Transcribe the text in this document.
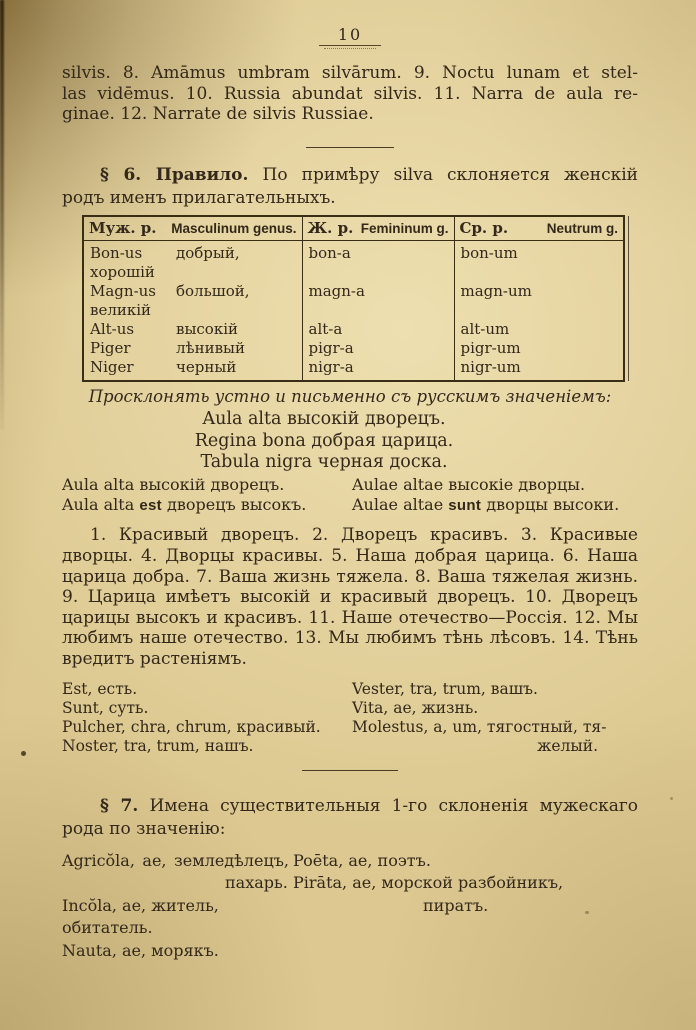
10
silvis. 8. Amāmus umbram silvārum. 9. Noctu lunam et stel-
las vidēmus. 10. Russia abundat silvis. 11. Narra de aula re-
ginae. 12. Narrate de silvis Russiae.
§ 6. Правило. По примѣру silva склоняется женскій
родъ именъ прилагательныхъ.
Муж. р. Masculinum genus.	Ж. р. Femininum g.	Ср. р. Neutrum g.

Bon-us добрый, хорошій	bon-a	bon-um
Magn-us большой, великій	magn-a	magn-um
Alt-us высокій	alt-a	alt-um
Piger лѣнивый	pigr-a	pigr-um
Niger черный	nigr-a	nigr-um
Просклонять устно и письменно съ русскимъ значеніемъ:
Aula alta высокій дворецъ.
Regina bona добрая царица.
Tabula nigra черная доска.
Aula alta высокій дворецъ.	Aulae altae высокіе дворцы.
Aula alta est дворецъ высокъ.	Aulae altae sunt дворцы высоки.
1. Красивый дворецъ. 2. Дворецъ красивъ. 3. Красивые
дворцы. 4. Дворцы красивы. 5. Наша добрая царица. 6. Наша
царица добра. 7. Ваша жизнь тяжела. 8. Ваша тяжелая жизнь.
9. Царица имѣетъ высокій и красивый дворецъ. 10. Дворецъ
царицы высокъ и красивъ. 11. Наше отечество—Россія. 12. Мы
любимъ наше отечество. 13. Мы любимъ тѣнь лѣсовъ. 14. Тѣнь
вредитъ растеніямъ.
Est, есть.	Vester, tra, trum, вашъ.
Sunt, суть.	Vita, ae, жизнь.
Pulcher, chra, chrum, красивый.	Molestus, a, um, тягостный, тя-
Noster, tra, trum, нашъ.	желый.
§ 7. Имена существительныя 1-го склоненія мужескаго
рода по значенію:
Agricŏla, ae, земледѣлецъ, Poēta, ae, поэтъ.
пахарь. Pirāta, ae, морской разбойникъ,
Incŏla, ae, житель, обитатель.
пиратъ.
Nauta, ae, морякъ.
